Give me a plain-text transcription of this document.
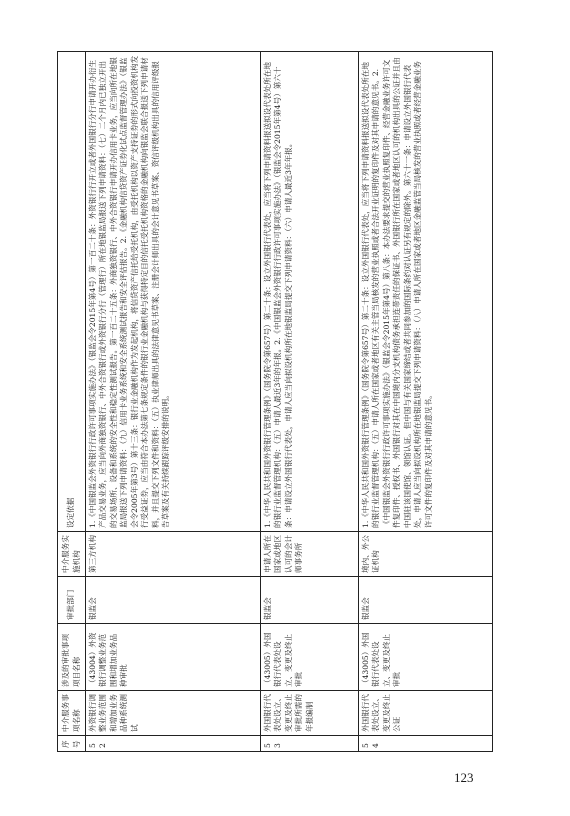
序号	中介服务事项名称	涉及的审批事项项目名称	审批部门	中介服务实施机构	设定依据
52	外资银行调整业务范围和增加业务品种系统测试	（43004）外资银行调整业务范围和增加业务品种审批	银监会	第三方机构	1.《中国银监会外资银行行政许可事项实施办法》（银监会令2015年第4号）第一百二十条：外资银行行开立或者外国银行分行申请开办衍生产品交易业务，应当向外商独资银行、中外合资银行或外资银行分行（管理行）所在地银监局报送下列申请资料：（七）二个月内已独立开出的交易场所、设备和系统的安全性和稳定性测试报告。第一百二十五条：外商独资银行、中外合资银行申请开办信用卡业务，应当向所在地银监局报送下列申请资料：（九）信用卡业务系统和安全系统测试报告和安全评估报告。2.《金融机构信贷资产证券化试点监督管理办法》（银监会令2005年第3号）第十三条：银行业金融机构作为发起机构，将信贷资产信托给受托机构，由受托机构以资产支持证券的形式向投资机构发行受益证券，应当由符合本办法第七条规定条件的银行业金融机构与获得特定目的信托受托机构资格的金融机构向银监会联合报送下列申请材料，并且提交下列文件和资料：（五）执业律师出具的法律意见书草案、注册会计师出具的会计意见书草案、资信评级机构出具的信用评级报告草案及有关持续跟踪评级安排的说明。
53	外国银行代表处设立、变更及终止审批所需的年报编制	（43005）外国银行代表处设立、变更及终止审批	银监会	申请人所在国家或地区认可的会计师事务所	1.《中华人民共和国外资银行管理条例》（国务院令第657号）第二十条：设立外国银行代表处，应当将下列申请资料报送拟设代表处所在地的银行业监督管理机构：（五）申请人最近3年的年报。2.《中国银监会外资银行行政许可事项实施办法》（银监会令2015年第4号）第六十条：申请设立外国银行代表处，申请人应当向拟设机构所在地银监局提交下列申请资料：（六）申请人最近3年年报。
54	外国银行代表处设立、变更及终止公证	（43005）外国银行代表处设立、变更及终止审批	银监会	境内、外公证机构	1.《中华人民共和国外资银行管理条例》（国务院令第657号）第二十条：设立外国银行代表处，应当将下列申请资料报送拟设代表处所在地的银行业监督管理机构：（五）申请人所在国家或者地区有关主管当局核发的营业执照或者合法开业证明的复印件及对其申请的意见书。2.《中国银监会外资银行行政许可事项实施办法》（银监会令2015年第4号）第八条：本办法要求提交的营业执照复印件、经营金融业务许可文件复印件、授权书、外国银行对其在中国境内分支机构债务承担连带责任的保证书、外国银行所在国家或者地区认可的机构出具的公证并且由中国驻该国使馆、领馆认证。但中国与有关国家缔结或者共同参加的国际条约对认证另有规定的除外。第六十一条：申请设立外国银行代表处，申请人应当向拟设机构所在地银监局提交下列申请资料：（八）申请人所在国家或者地区金融监管当局核发的营业执照或者经营金融业务许可文件的复印件及对其申请的意见书。
123
